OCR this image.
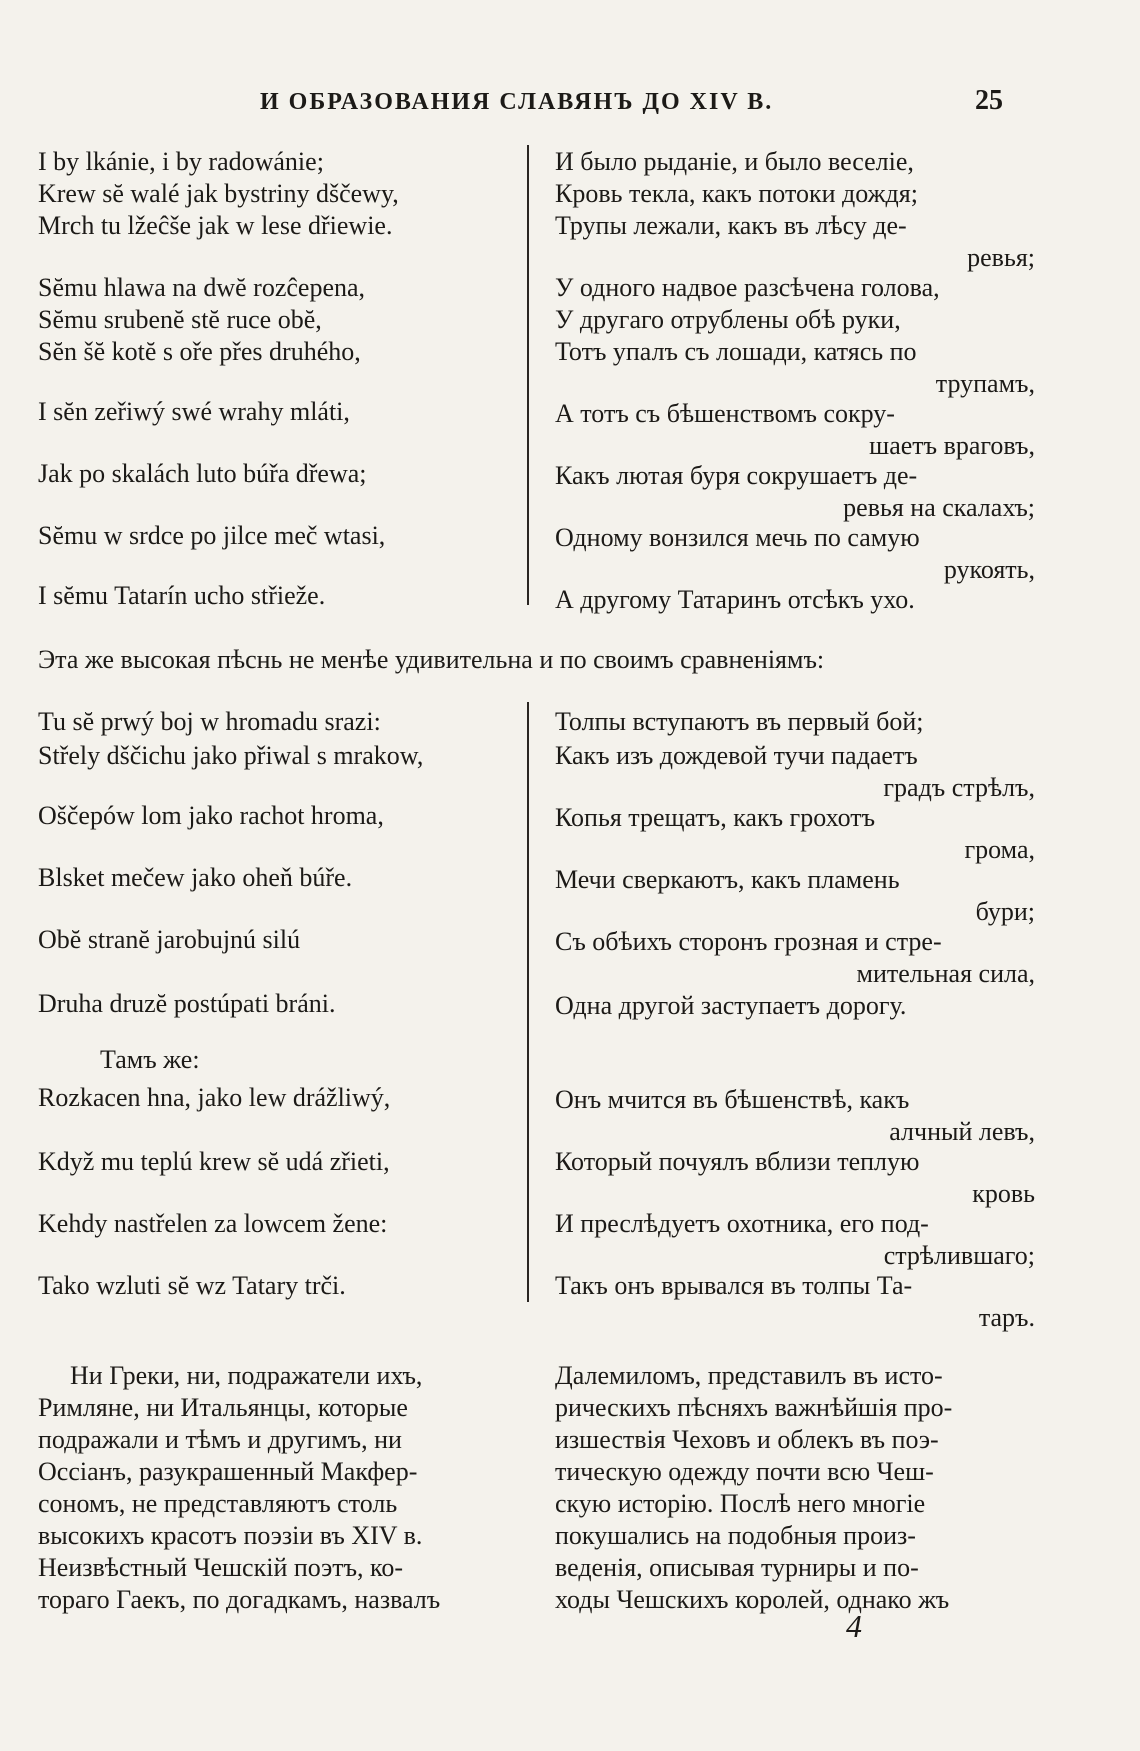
И ОБРАЗОВАНИЯ СЛАВЯНЪ ДО XIV В.	25
I by lkánie, i by radowánie;
Krew sĕ walé jak bystriny dščewy,
Mrch tu lžeĉše jak w lese dřiewie.
Sĕmu hlawa na dwĕ rozĉepena,
Sĕmu srubenĕ stĕ ruce obĕ,
Sĕn šĕ kotĕ s oře přes druhého,
I sĕn zeřiwý swé wrahy mláti,
Jak po skalách luto búřa dřewa;
Sĕmu w srdce po jilce meč wtasi,
I sĕmu Tatarín ucho střieže.
И было рыданіе, и было веселіе,
Кровь текла, какъ потоки дождя;
Трупы лежали, какъ въ лѣсу де-
ревья;
У одного надвое разсѣчена голова,
У другаго отрублены обѣ руки,
Тотъ упалъ съ лошади, катясь по
трупамъ,
А тотъ съ бѣшенствомъ сокру-
шаетъ враговъ,
Какъ лютая буря сокрушаетъ де-
ревья на скалахъ;
Одному вонзился мечь по самую
рукоять,
А другому Татаринъ отсѣкъ ухо.
Эта же высокая пѣснь не менѣе удивительна и по своимъ сравненіямъ:
Tu sĕ prwý boj w hromadu srazi:
Střely dščichu jako přiwal s mrakow,
Oščepów lom jako rachot hroma,
Blsket mečew jako oheň búře.
Obĕ stranĕ jarobujnú silú
Druha druzĕ postúpati bráni.
Тамъ же:
Rozkacen hna, jako lew drážliwý,
Když mu teplú krew sĕ udá zřieti,
Kehdy nastřelen za lowcem žene:
Tako wzluti sĕ wz Tatary trči.
Толпы вступаютъ въ первый бой;
Какъ изъ дождевой тучи падаетъ
градъ стрѣлъ,
Копья трещатъ, какъ грохотъ
грома,
Мечи сверкаютъ, какъ пламень
бури;
Съ обѣихъ сторонъ грозная и стре-
мительная сила,
Одна другой заступаетъ дорогу.
Онъ мчится въ бѣшенствѣ, какъ
алчный левъ,
Который почуялъ вблизи теплую
кровь
И преслѣдуетъ охотника, его под-
стрѣлившаго;
Такъ онъ врывался въ толпы Та-
таръ.
Ни Греки, ни, подражатели ихъ,
Римляне, ни Итальянцы, которые
подражали и тѣмъ и другимъ, ни
Оссіанъ, разукрашенный Макфер-
сономъ, не представляютъ столь
высокихъ красотъ поэзіи въ XIV в.
Неизвѣстный Чешскій поэтъ, ко-
тораго Гаекъ, по догадкамъ, назвалъ
Далемиломъ, представилъ въ исто-
рическихъ пѣсняхъ важнѣйшія про-
изшествія Чеховъ и облекъ въ поэ-
тическую одежду почти всю Чеш-
скую исторію. Послѣ него многіе
покушались на подобныя произ-
веденія, описывая турниры и по-
ходы Чешскихъ королей, однако жъ
4
